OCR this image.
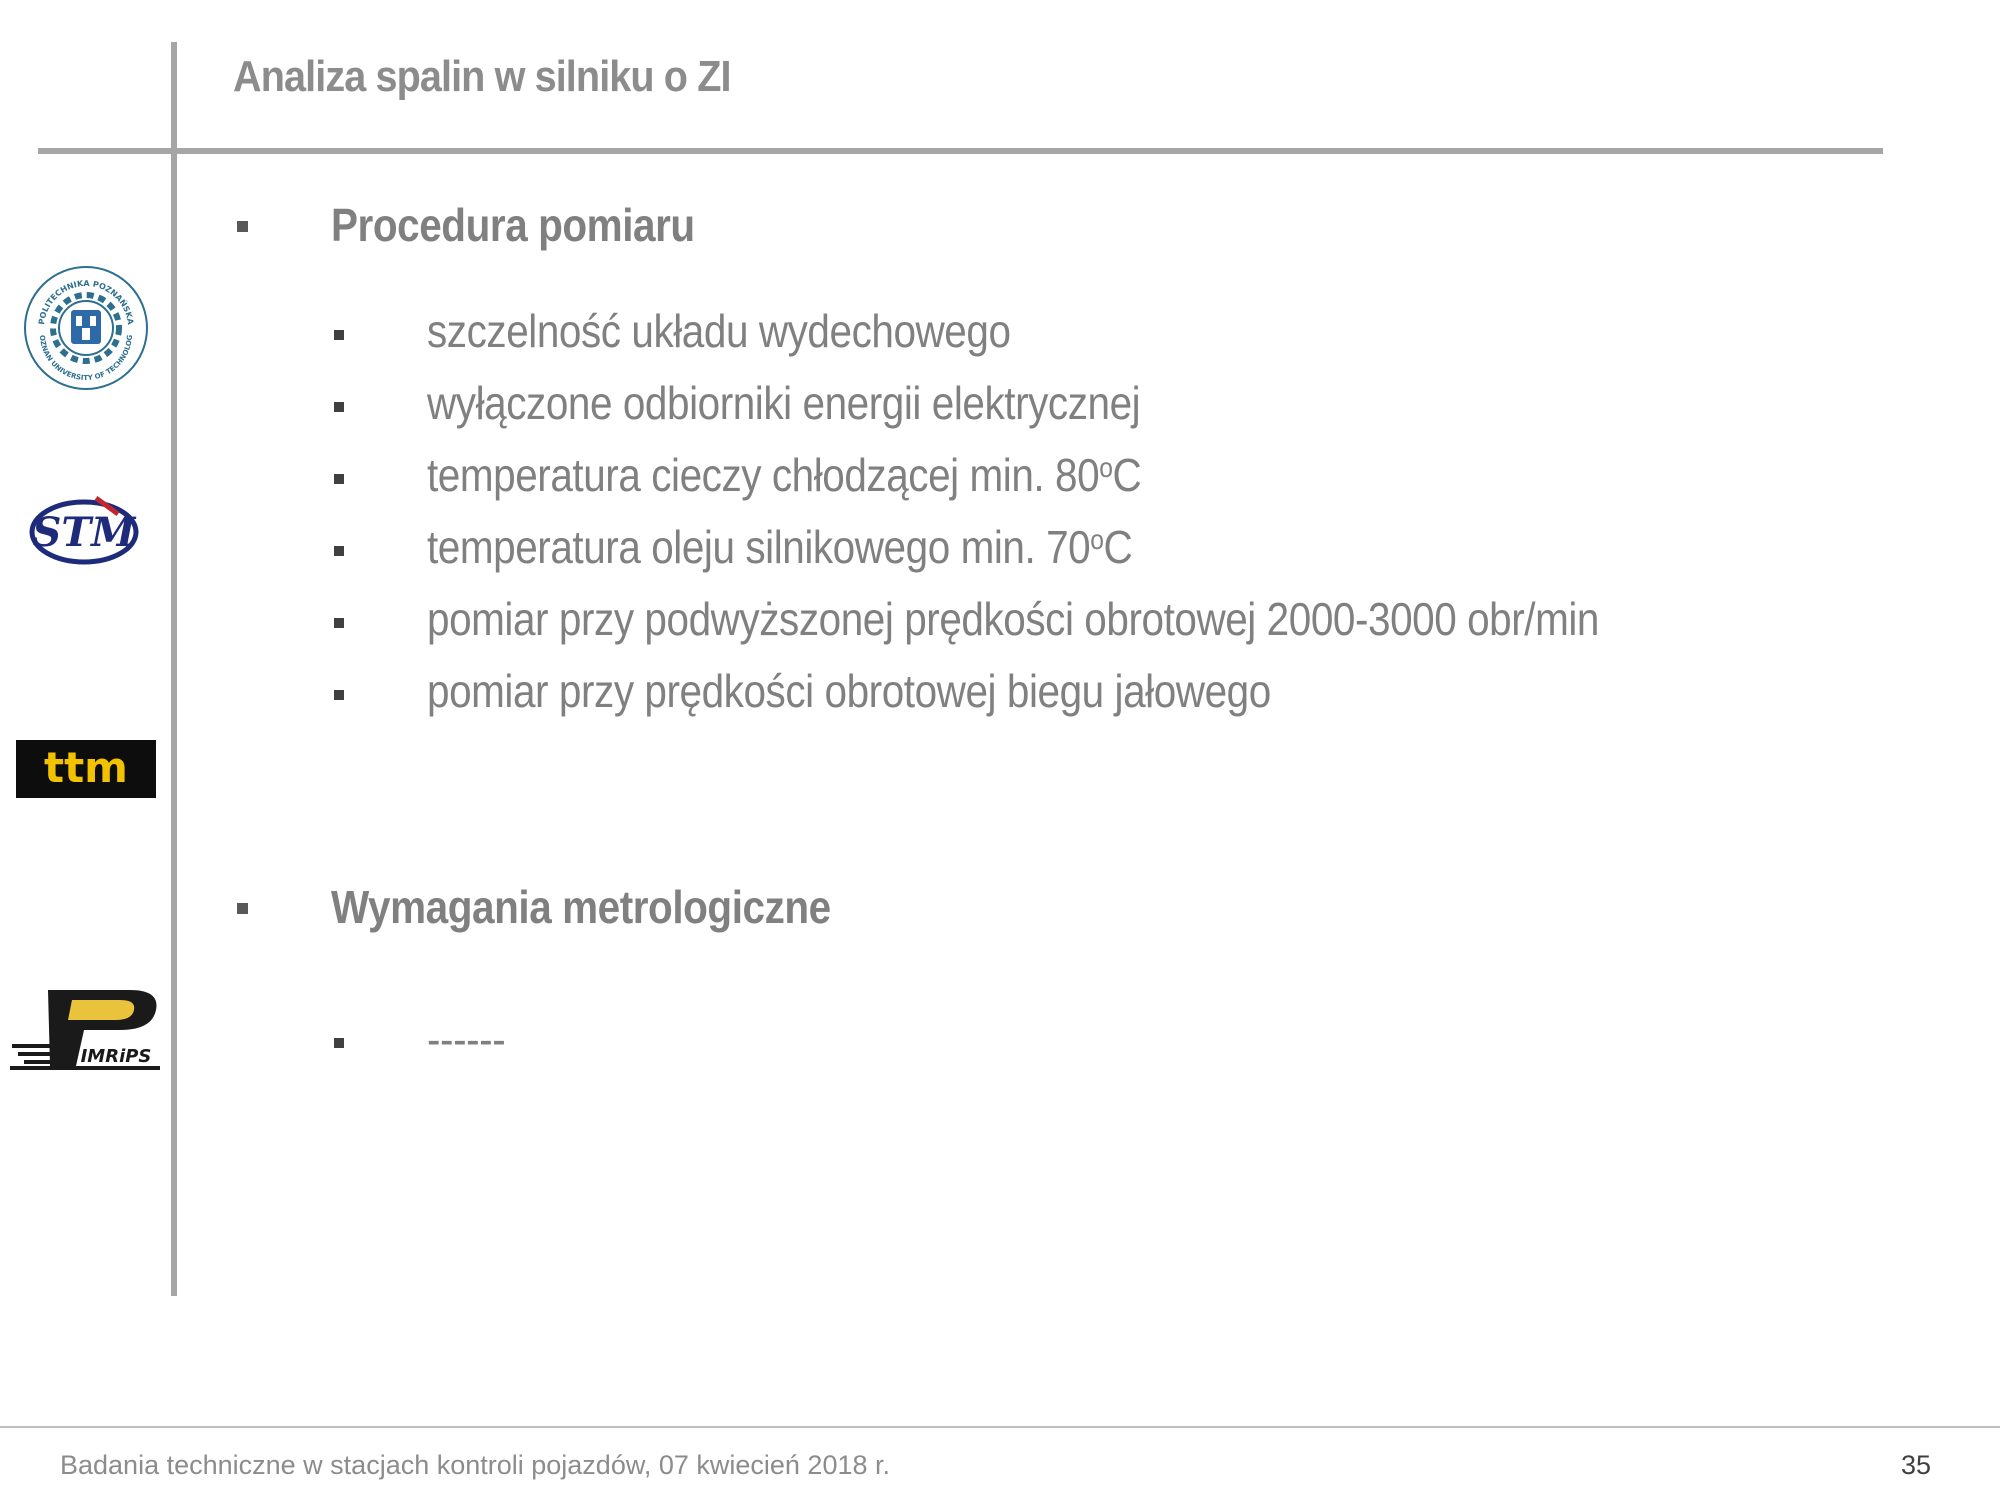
Analiza spalin w silniku o ZI
POLITECHNIKA POZNAŃSKA
OZNAN UNIVERSITY OF TECHNOLOG
STM
ttm
IMRiPS
Procedura pomiaru
szczelność układu wydechowego
wyłączone odbiorniki energii elektrycznej
temperatura cieczy chłodzącej min. 80$^o$C
temperatura oleju silnikowego min. 70$^o$C
pomiar przy podwyższonej prędkości obrotowej 2000-3000 obr/min
pomiar przy prędkości obrotowej biegu jałowego
Wymagania metrologiczne
------
Badania techniczne w stacjach kontroli pojazdów, 07 kwiecień 2018 r.	35
